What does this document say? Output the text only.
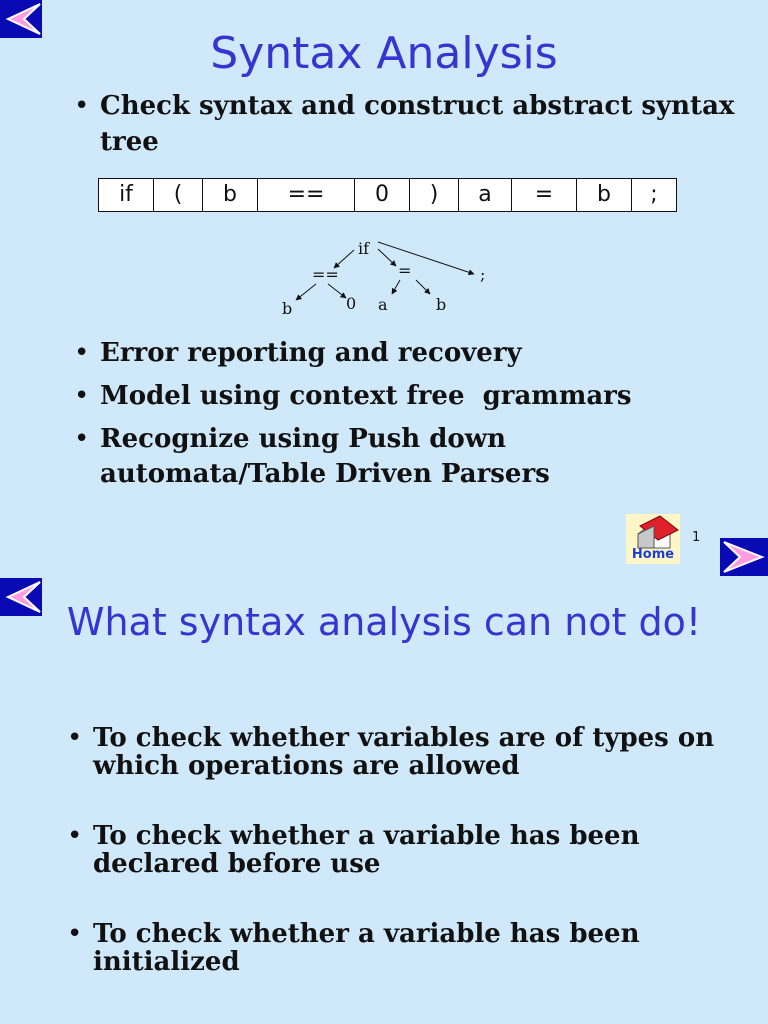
Syntax Analysis
• Check syntax and construct abstract syntax tree
if	(	b	==	0	)	a	=	b	;
if
==	=	;
b	0 a	b
• Error reporting and recovery
• Model using context free  grammars
• Recognize using Push down automata/Table Driven Parsers
Home
1
What syntax analysis can not do!
• To check whether variables are of types on which operations are allowed
• To check whether a variable has been declared before use
• To check whether a variable has been initialized
